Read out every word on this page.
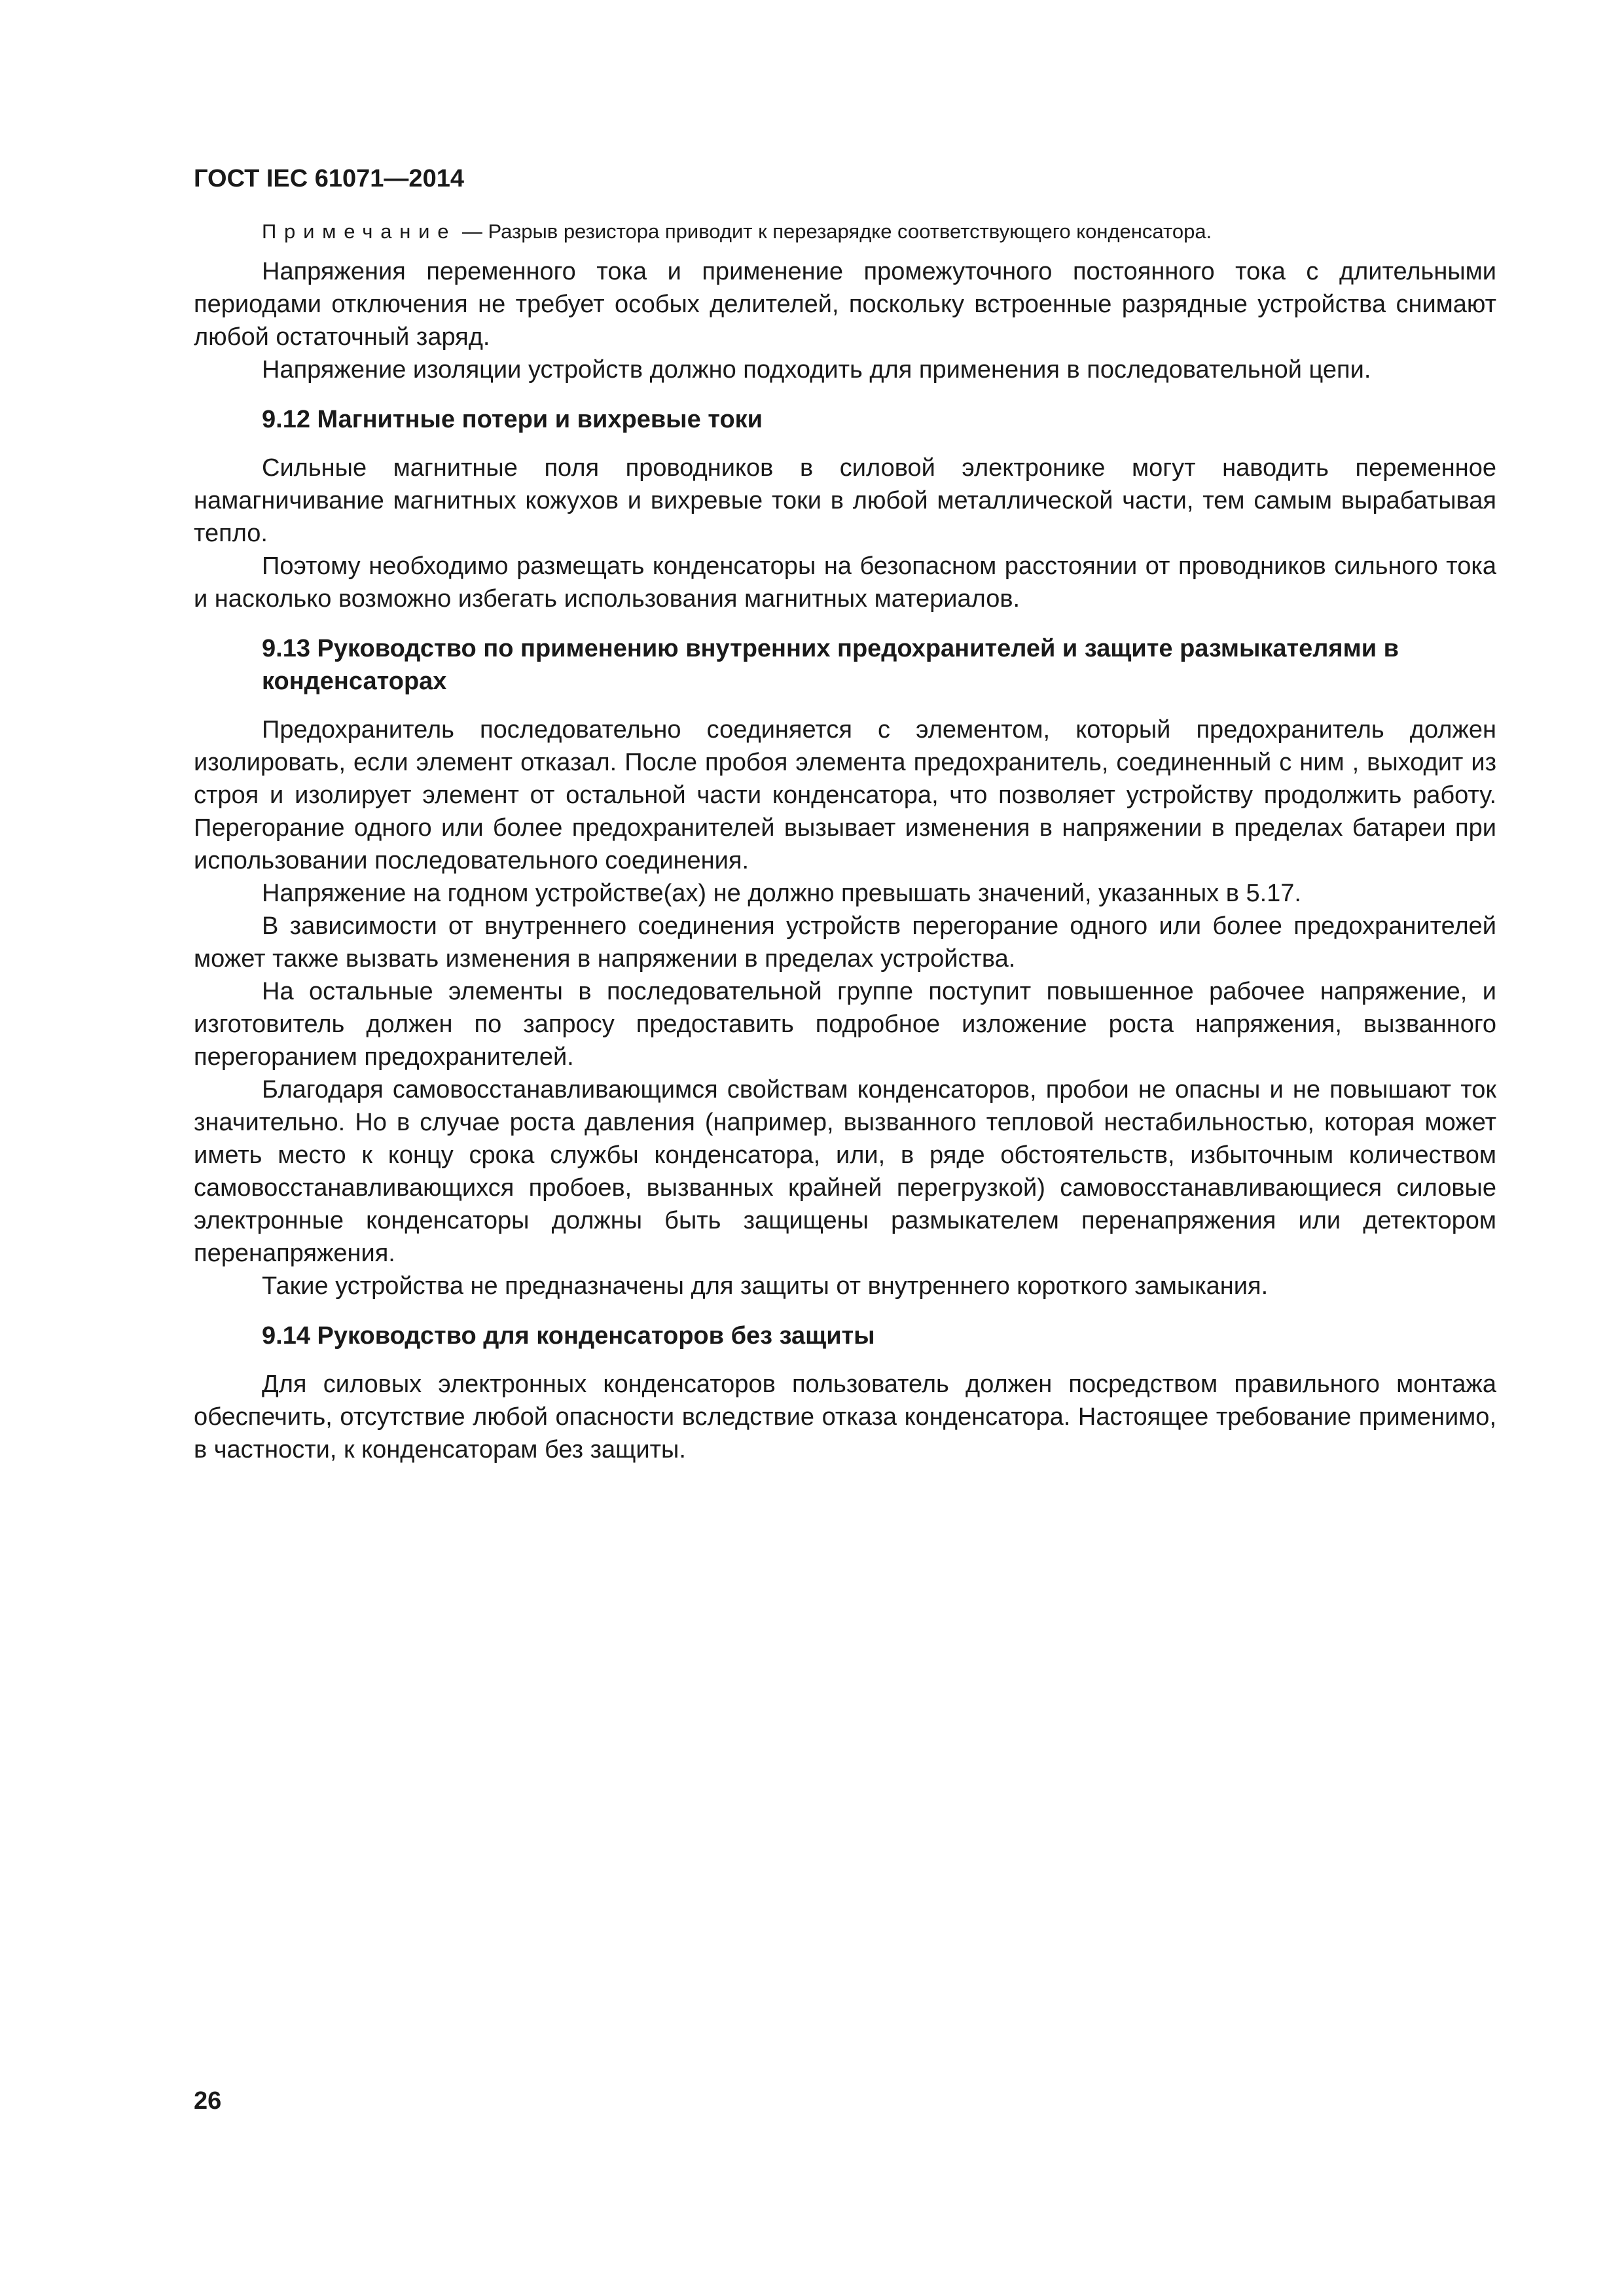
ГОСТ IEC 61071—2014
Примечание — Разрыв резистора приводит к перезарядке соответствующего конденсатора.

Напряжения переменного тока и применение промежуточного постоянного тока с длительными периодами отключения не требует особых делителей, поскольку встроенные разрядные устройства снимают любой остаточный заряд.

Напряжение изоляции устройств должно подходить для применения в последовательной цепи.

9.12 Магнитные потери и вихревые токи

Сильные магнитные поля проводников в силовой электронике могут наводить переменное намагничивание магнитных кожухов и вихревые токи в любой металлической части, тем самым вырабатывая тепло.

Поэтому необходимо размещать конденсаторы на безопасном расстоянии от проводников сильного тока и насколько возможно избегать использования магнитных материалов.

9.13 Руководство по применению внутренних предохранителей и защите размыкателями в конденсаторах

Предохранитель последовательно соединяется с элементом, который предохранитель должен изолировать, если элемент отказал. После пробоя элемента предохранитель, соединенный с ним , выходит из строя и изолирует элемент от остальной части конденсатора, что позволяет устройству продолжить работу. Перегорание одного или более предохранителей вызывает изменения в напряжении в пределах батареи при использовании последовательного соединения.

Напряжение на годном устройстве(ах) не должно превышать значений, указанных в 5.17.

В зависимости от внутреннего соединения устройств перегорание одного или более предохранителей может также вызвать изменения в напряжении в пределах устройства.

На остальные элементы в последовательной группе поступит повышенное рабочее напряжение, и изготовитель должен по запросу предоставить подробное изложение роста напряжения, вызванного перегоранием предохранителей.

Благодаря самовосстанавливающимся свойствам конденсаторов, пробои не опасны и не повышают ток значительно. Но в случае роста давления (например, вызванного тепловой нестабильностью, которая может иметь место к концу срока службы конденсатора, или, в ряде обстоятельств, избыточным количеством самовосстанавливающихся пробоев, вызванных крайней перегрузкой) самовосстанавливающиеся силовые электронные конденсаторы должны быть защищены размыкателем перенапряжения или детектором перенапряжения.

Такие устройства не предназначены для защиты от внутреннего короткого замыкания.

9.14 Руководство для конденсаторов без защиты

Для силовых электронных конденсаторов пользователь должен посредством правильного монтажа обеспечить, отсутствие любой опасности вследствие отказа конденсатора. Настоящее требование применимо, в частности, к конденсаторам без защиты.

26
